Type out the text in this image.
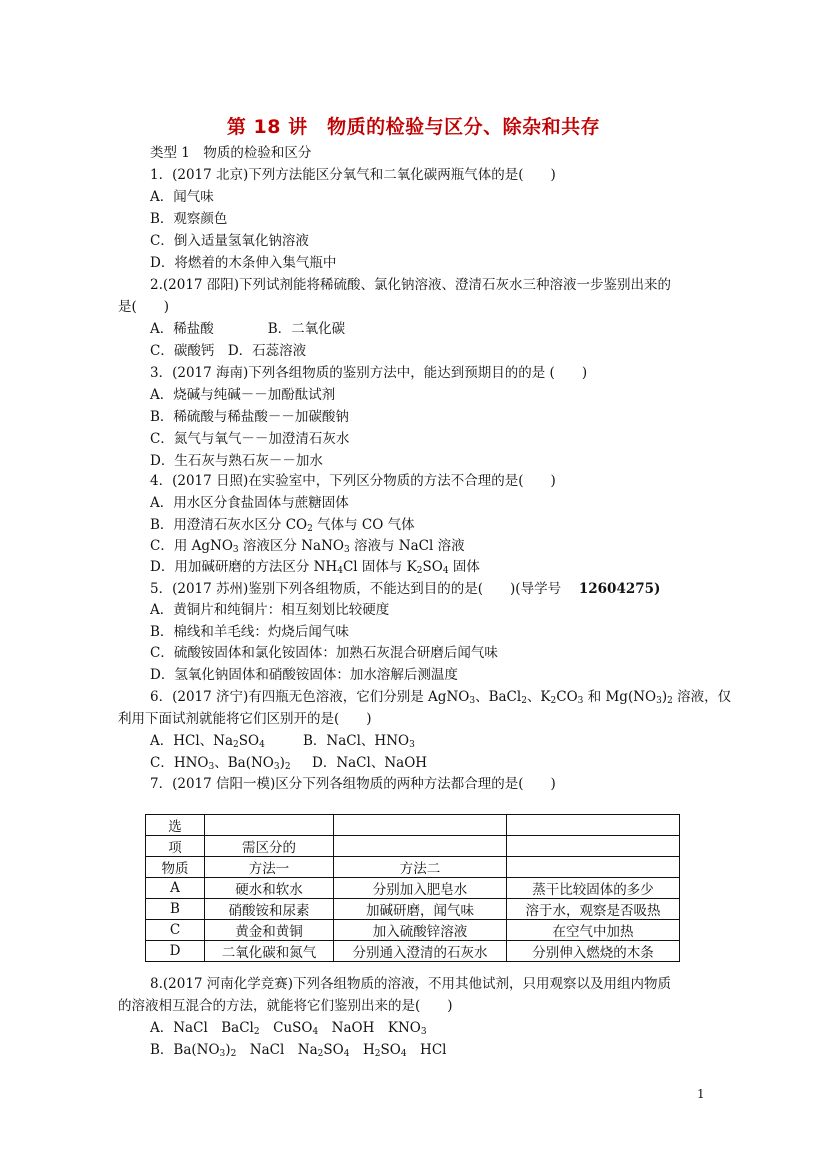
第 18 讲　物质的检验与区分、除杂和共存
类型 1　物质的检验和区分
1．(2017 北京)下列方法能区分氧气和二氧化碳两瓶气体的是(　　)
A．闻气味
B．观察颜色
C．倒入适量氢氧化钠溶液
D．将燃着的木条伸入集气瓶中
2.(2017 邵阳)下列试剂能将稀硫酸、氯化钠溶液、澄清石灰水三种溶液一步鉴别出来的
是(　　)
A．稀盐酸　　　　B．二氧化碳
C．碳酸钙　D．石蕊溶液
3．(2017 海南)下列各组物质的鉴别方法中，能达到预期目的的是 (　　)
A．烧碱与纯碱－－加酚酞试剂
B．稀硫酸与稀盐酸－－加碳酸钠
C．氮气与氧气－－加澄清石灰水
D．生石灰与熟石灰－－加水
4．(2017 日照)在实验室中，下列区分物质的方法不合理的是(　　)
A．用水区分食盐固体与蔗糖固体
B．用澄清石灰水区分 $CO_2$ 气体与 CO 气体
C．用 AgNO$_3$ 溶液区分 NaNO$_3$ 溶液与 NaCl 溶液
D．用加碱研磨的方法区分 $NH_4Cl$ 固体与 $K_2SO_4$ 固体
5．(2017 苏州)鉴别下列各组物质，不能达到目的的是(　　)(导学号　 12604275)
A．黄铜片和纯铜片：相互刻划比较硬度
B．棉线和羊毛线：灼烧后闻气味
C．硫酸铵固体和氯化铵固体：加熟石灰混合研磨后闻气味
D．氢氧化钠固体和硝酸铵固体：加水溶解后测温度
6．(2017 济宁)有四瓶无色溶液，它们分别是 AgNO$_3$、BaCl$_2$、$K_2CO_3$ 和 $Mg(NO_3)_2$ 溶液，仅
利用下面试剂就能将它们区别开的是(　　)
A．HCl、$Na_2SO_4$	B．NaCl、$HNO_3$
C．$HNO_3$、$Ba(NO_3)_2$ D．NaCl、NaOH
7．(2017 信阳一模)区分下列各组物质的两种方法都合理的是(　　)
选			
项	需区分的		
物质	方法一	方法二	
A	硬水和软水	分别加入肥皂水	蒸干比较固体的多少
B	硝酸铵和尿素	加碱研磨，闻气味	溶于水，观察是否吸热
C	黄金和黄铜	加入硫酸锌溶液	在空气中加热
D	二氧化碳和氮气	分别通入澄清的石灰水	分别伸入燃烧的木条
8.(2017 河南化学竞赛)下列各组物质的溶液，不用其他试剂，只用观察以及用组内物质
的溶液相互混合的方法，就能将它们鉴别出来的是(　　)
A．NaCl　BaCl$_2$　CuSO$_4$　NaOH　$KNO_3$
B．$Ba(NO_3)_2$　NaCl　$Na_2SO_4$　$H_2SO_4$　HCl
1
